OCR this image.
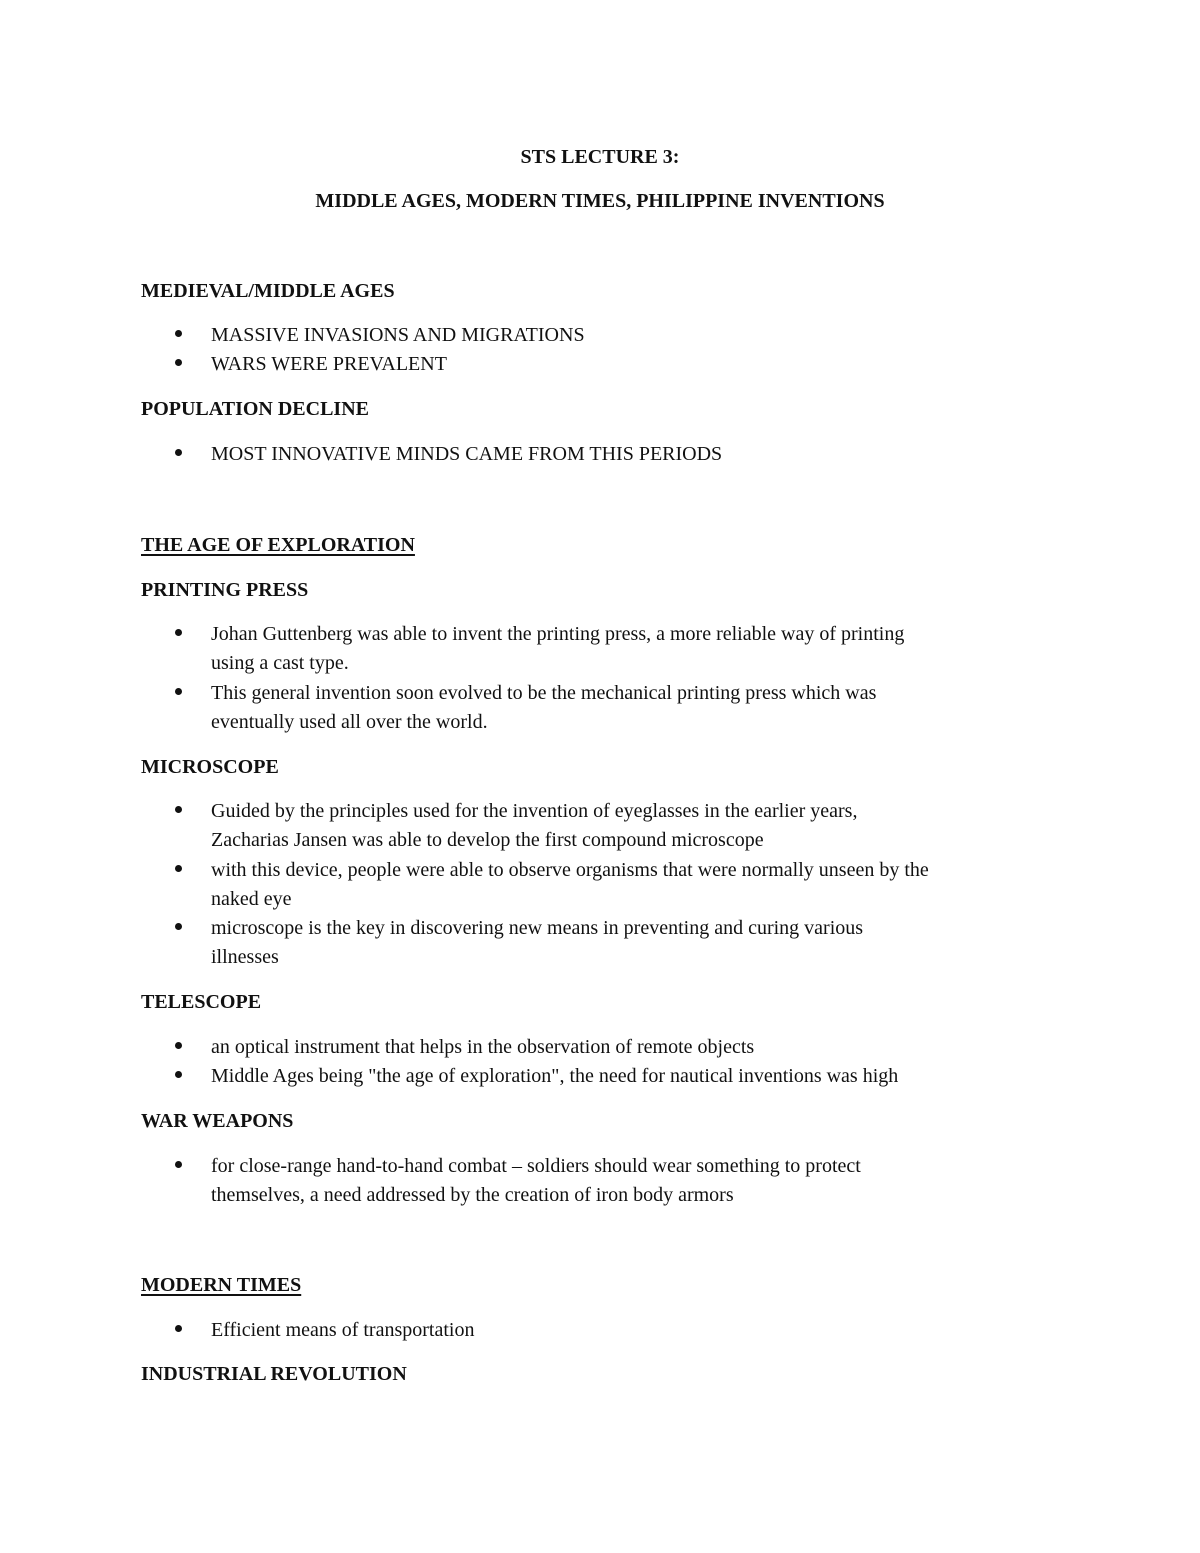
STS LECTURE 3:
MIDDLE AGES, MODERN TIMES, PHILIPPINE INVENTIONS
MEDIEVAL/MIDDLE AGES
MASSIVE INVASIONS AND MIGRATIONS
WARS WERE PREVALENT
POPULATION DECLINE
MOST INNOVATIVE MINDS CAME FROM THIS PERIODS
THE AGE OF EXPLORATION
PRINTING PRESS
Johan Guttenberg was able to invent the printing press, a more reliable way of printing
using a cast type.
This general invention soon evolved to be the mechanical printing press which was
eventually used all over the world.
MICROSCOPE
Guided by the principles used for the invention of eyeglasses in the earlier years,
Zacharias Jansen was able to develop the first compound microscope
with this device, people were able to observe organisms that were normally unseen by the
naked eye
microscope is the key in discovering new means in preventing and curing various
illnesses
TELESCOPE
an optical instrument that helps in the observation of remote objects
Middle Ages being "the age of exploration", the need for nautical inventions was high
WAR WEAPONS
for close-range hand-to-hand combat – soldiers should wear something to protect
themselves, a need addressed by the creation of iron body armors
MODERN TIMES
Efficient means of transportation
INDUSTRIAL REVOLUTION
